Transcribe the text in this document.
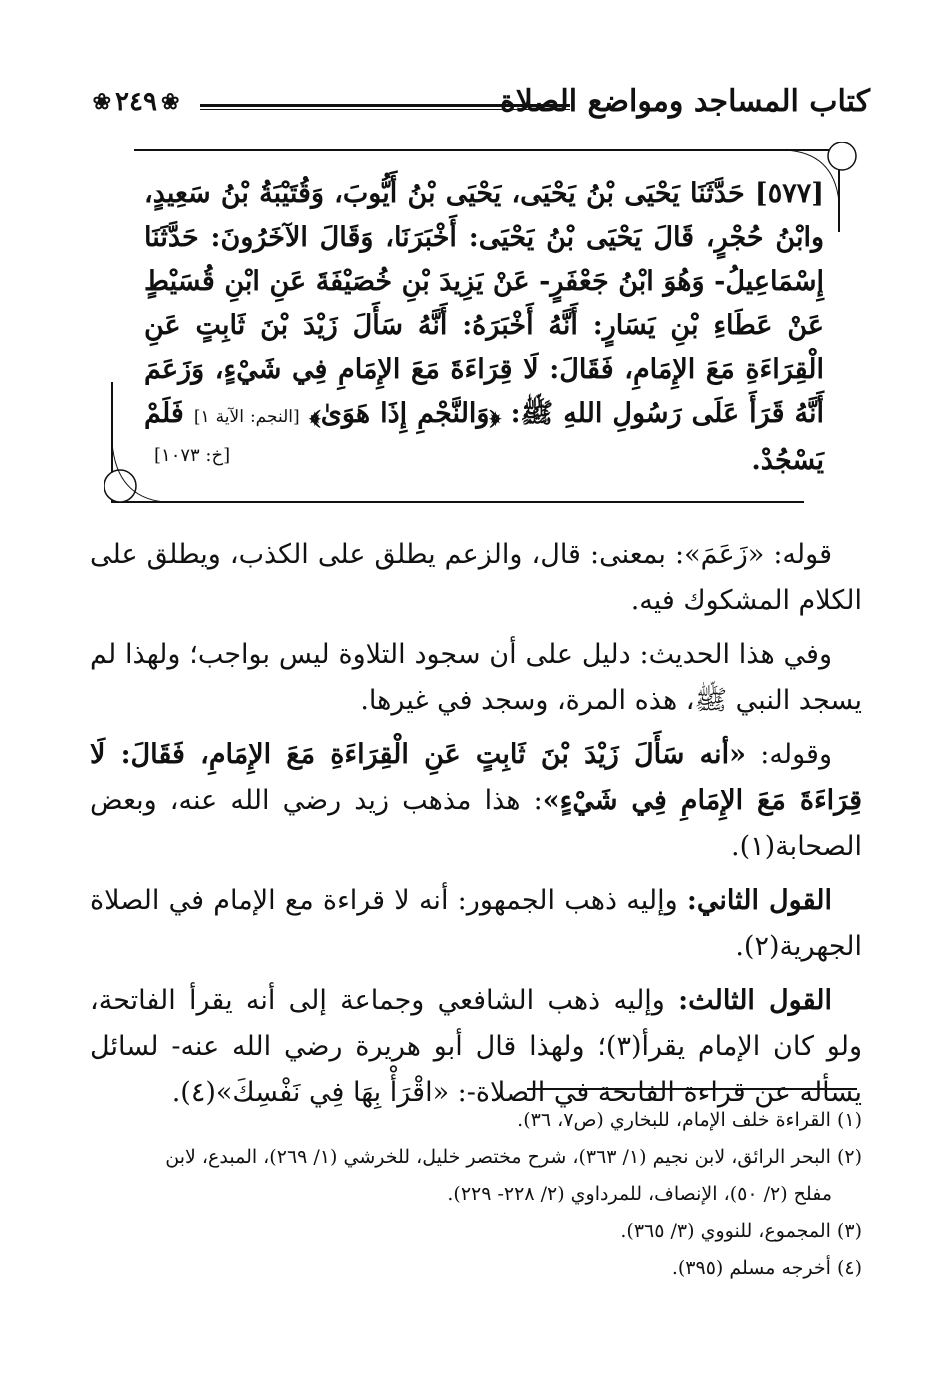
كتاب المساجد ومواضع الصلاة
❀ ٢٤٩ ❀
[٥٧٧] حَدَّثَنَا يَحْيَى بْنُ يَحْيَى، يَحْيَى بْنُ أَيُّوبَ، وَقُتَيْبَةُ بْنُ سَعِيدٍ، وابْنُ حُجْرٍ، قَالَ يَحْيَى بْنُ يَحْيَى: أَخْبَرَنَا، وَقَالَ الآخَرُونَ: حَدَّثَنَا إِسْمَاعِيلُ- وَهُوَ ابْنُ جَعْفَرٍ- عَنْ يَزِيدَ بْنِ خُصَيْفَةَ عَنِ ابْنِ قُسَيْطٍ عَنْ عَطَاءِ بْنِ يَسَارٍ: أَنَّهُ أَخْبَرَهُ: أَنَّهُ سَأَلَ زَيْدَ بْنَ ثَابِتٍ عَنِ الْقِرَاءَةِ مَعَ الإِمَامِ، فَقَالَ: لَا قِرَاءَةَ مَعَ الإِمَامِ فِي شَيْءٍ، وَزَعَمَ أَنَّهُ قَرَأَ عَلَى رَسُولِ اللهِ ﷺ: ﴿وَالنَّجْمِ إِذَا هَوَىٰ﴾ [النجم: الآية ١] فَلَمْ يَسْجُدْ.
[خ: ١٠٧٣]

قوله: «زَعَمَ»: بمعنى: قال، والزعم يطلق على الكذب، ويطلق على الكلام المشكوك فيه.

وفي هذا الحديث: دليل على أن سجود التلاوة ليس بواجب؛ ولهذا لم يسجد النبي ﷺ، هذه المرة، وسجد في غيرها.

وقوله: «أنه سَأَلَ زَيْدَ بْنَ ثَابِتٍ عَنِ الْقِرَاءَةِ مَعَ الإِمَامِ، فَقَالَ: لَا قِرَاءَةَ مَعَ الإِمَامِ فِي شَيْءٍ»: هذا مذهب زيد رضي الله عنه، وبعض الصحابة(١).

القول الثاني: وإليه ذهب الجمهور: أنه لا قراءة مع الإمام في الصلاة الجهرية(٢).

القول الثالث: وإليه ذهب الشافعي وجماعة إلى أنه يقرأ الفاتحة، ولو كان الإمام يقرأ(٣)؛ ولهذا قال أبو هريرة رضي الله عنه- لسائل يسأله عن قراءة الفاتحة في الصلاة-: «اقْرَأْ بِهَا فِي نَفْسِكَ»(٤).

(١) القراءة خلف الإمام، للبخاري (ص٧، ٣٦).

(٢) البحر الرائق، لابن نجيم (١/ ٣٦٣)، شرح مختصر خليل، للخرشي (١/ ٢٦٩)، المبدع، لابن

مفلح (٢/ ٥٠)، الإنصاف، للمرداوي (٢/ ٢٢٨- ٢٢٩).

(٣) المجموع، للنووي (٣/ ٣٦٥).

(٤) أخرجه مسلم (٣٩٥).
